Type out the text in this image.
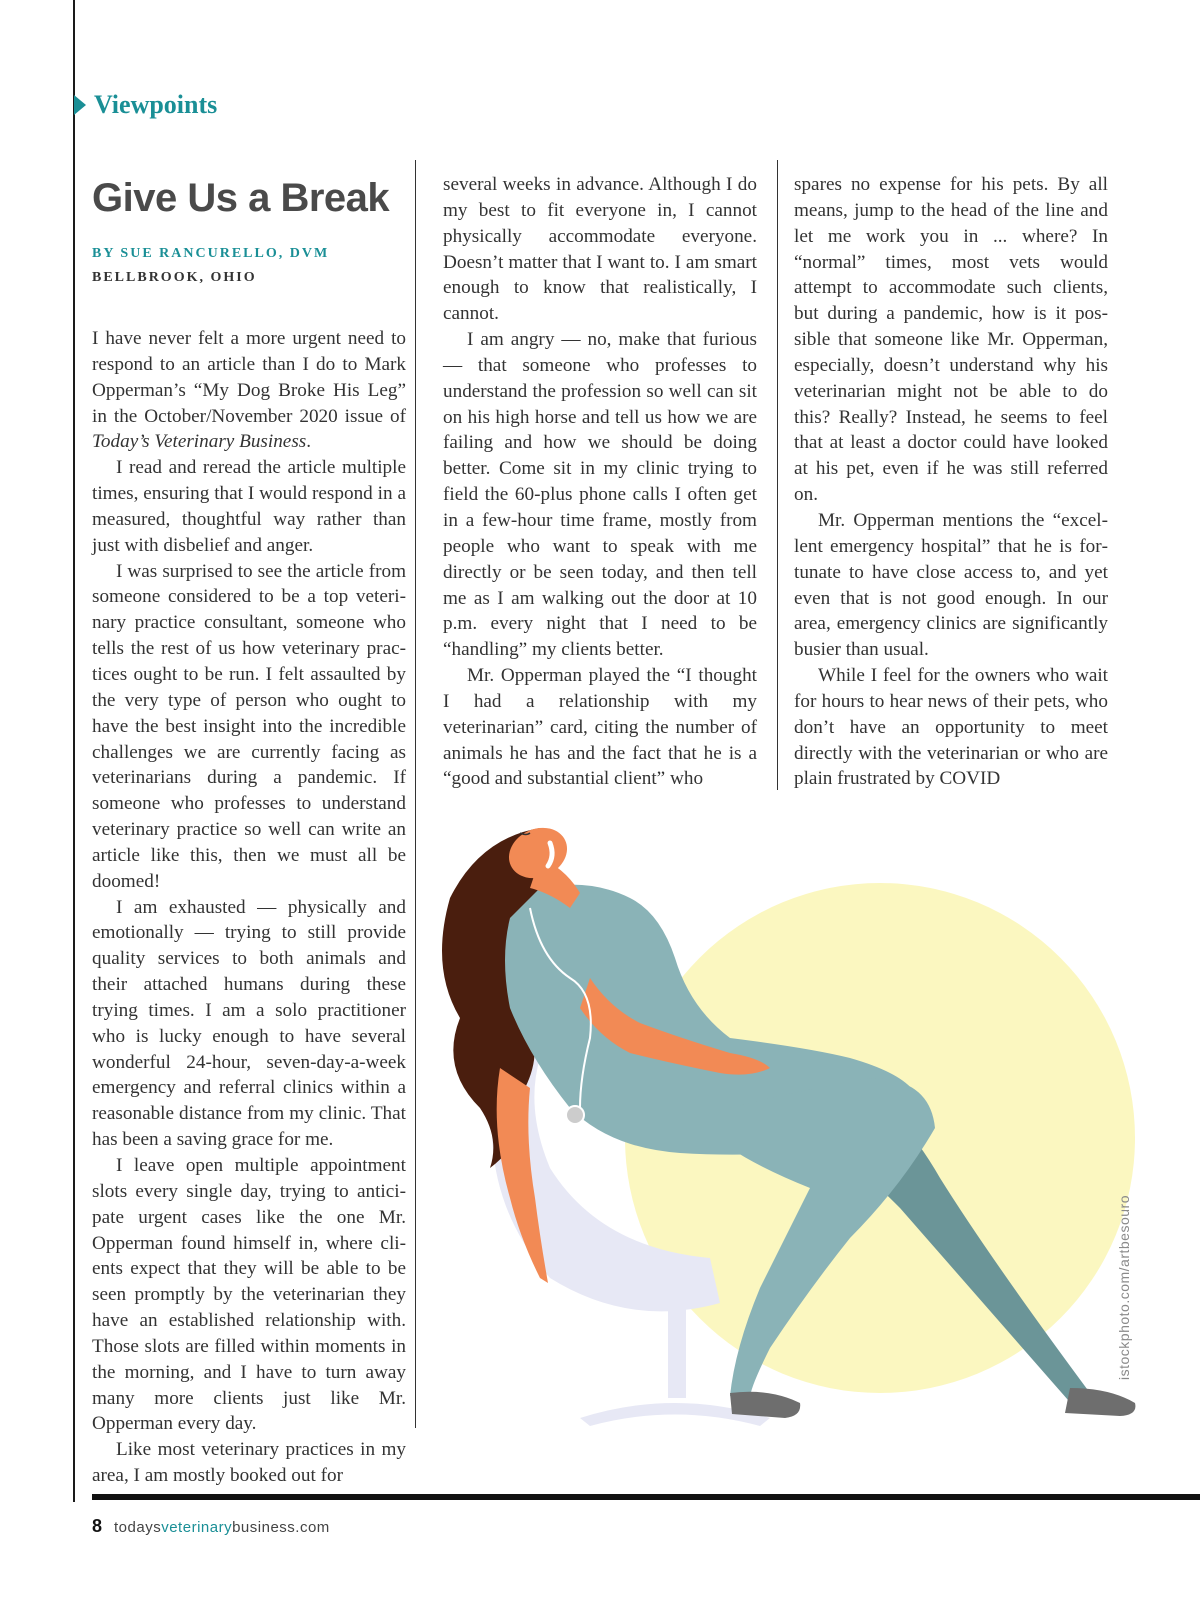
Viewpoints
Give Us a Break
BY SUE RANCURELLO, DVM
BELLBROOK, OHIO

I have never felt a more urgent need to respond to an article than I do to Mark Opperman’s “My Dog Broke His Leg” in the October/November 2020 issue of Today’s Veterinary Business.

I read and reread the article multiple times, ensuring that I would respond in a measured, thoughtful way rather than just with disbelief and anger.

I was surprised to see the article from someone considered to be a top veterinary practice consultant, someone who tells the rest of us how veterinary practices ought to be run. I felt assaulted by the very type of person who ought to have the best insight into the incredible challenges we are currently facing as veterinarians during a pandemic. If someone who professes to understand veterinary practice so well can write an article like this, then we must all be doomed!

I am exhausted — physically and emotionally — trying to still provide quality services to both animals and their attached humans during these trying times. I am a solo practitioner who is lucky enough to have several wonderful 24-hour, seven-day-a-week emergency and referral clinics within a reasonable distance from my clinic. That has been a saving grace for me.

I leave open multiple appointment slots every single day, trying to anticipate urgent cases like the one Mr. Opperman found himself in, where clients expect that they will be able to be seen promptly by the veterinarian they have an established relationship with. Those slots are filled within moments in the morning, and I have to turn away many more clients just like Mr. Opperman every day.

Like most veterinary practices in my area, I am mostly booked out for

several weeks in advance. Although I do my best to fit everyone in, I cannot physically accommodate everyone. Doesn’t matter that I want to. I am smart enough to know that realistically, I cannot.

I am angry — no, make that furious — that someone who professes to understand the profession so well can sit on his high horse and tell us how we are failing and how we should be doing better. Come sit in my clinic trying to field the 60-plus phone calls I often get in a few-hour time frame, mostly from people who want to speak with me directly or be seen today, and then tell me as I am walking out the door at 10 p.m. every night that I need to be “handling” my clients better.

Mr. Opperman played the “I thought I had a relationship with my veterinarian” card, citing the number of animals he has and the fact that he is a “good and substantial client” who

spares no expense for his pets. By all means, jump to the head of the line and let me work you in ... where? In “normal” times, most vets would attempt to accommodate such clients, but during a pandemic, how is it possible that someone like Mr. Opperman, especially, doesn’t understand why his veterinarian might not be able to do this? Really? Instead, he seems to feel that at least a doctor could have looked at his pet, even if he was still referred on.

Mr. Opperman mentions the “excellent emergency hospital” that he is fortunate to have close access to, and yet even that is not good enough. In our area, emergency clinics are significantly busier than usual.

While I feel for the owners who wait for hours to hear news of their pets, who don’t have an opportunity to meet directly with the veterinarian or who are plain frustrated by COVID

istockphoto.com/artbesouro
8 todaysveterinarybusiness.com
